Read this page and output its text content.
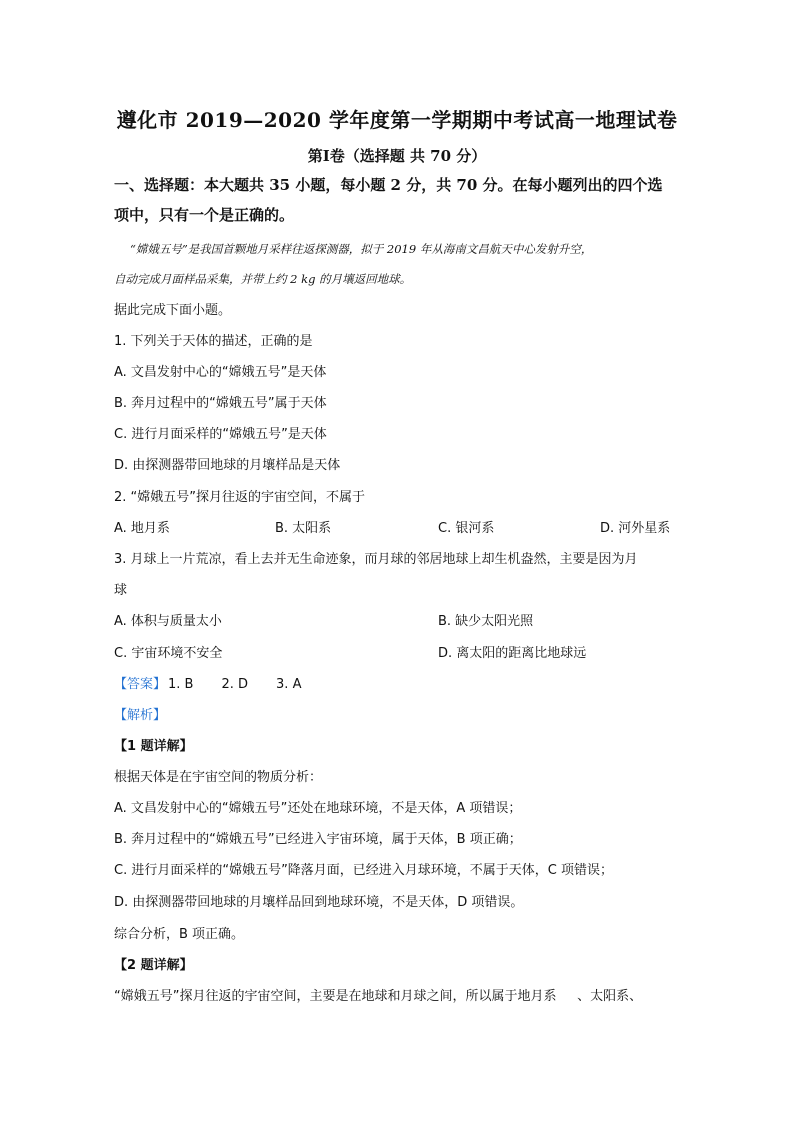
遵化市 2019—2020 学年度第一学期期中考试高一地理试卷
第Ⅰ卷（选择题 共 70 分）
一、选择题：本大题共 35 小题，每小题 2 分，共 70 分。在每小题列出的四个选
项中，只有一个是正确的。
“嫦娥五号”是我国首颗地月采样往返探测器，拟于 2019 年从海南文昌航天中心发射升空，
自动完成月面样品采集，并带上约 2 kg 的月壤返回地球。
据此完成下面小题。
1. 下列关于天体的描述，正确的是
A. 文昌发射中心的“嫦娥五号”是天体
B. 奔月过程中的“嫦娥五号”属于天体
C. 进行月面采样的“嫦娥五号”是天体
D. 由探测器带回地球的月壤样品是天体
2. “嫦娥五号”探月往返的宇宙空间，不属于
A. 地月系	B. 太阳系	C. 银河系	D. 河外星系
3. 月球上一片荒凉，看上去并无生命迹象，而月球的邻居地球上却生机盎然，主要是因为月
球
A. 体积与质量太小	B. 缺少太阳光照
C. 宇宙环境不安全	D. 离太阳的距离比地球远
【答案】 1. B 2. D 3. A
【解析】
【1 题详解】
根据天体是在宇宙空间的物质分析：
A. 文昌发射中心的“嫦娥五号”还处在地球环境，不是天体，A 项错误；
B. 奔月过程中的“嫦娥五号”已经进入宇宙环境，属于天体，B 项正确；
C. 进行月面采样的“嫦娥五号”降落月面，已经进入月球环境，不属于天体，C 项错误；
D. 由探测器带回地球的月壤样品回到地球环境，不是天体，D 项错误。
综合分析，B 项正确。
【2 题详解】
“嫦娥五号”探月往返的宇宙空间，主要是在地球和月球之间，所以属于地月系     、太阳系、
